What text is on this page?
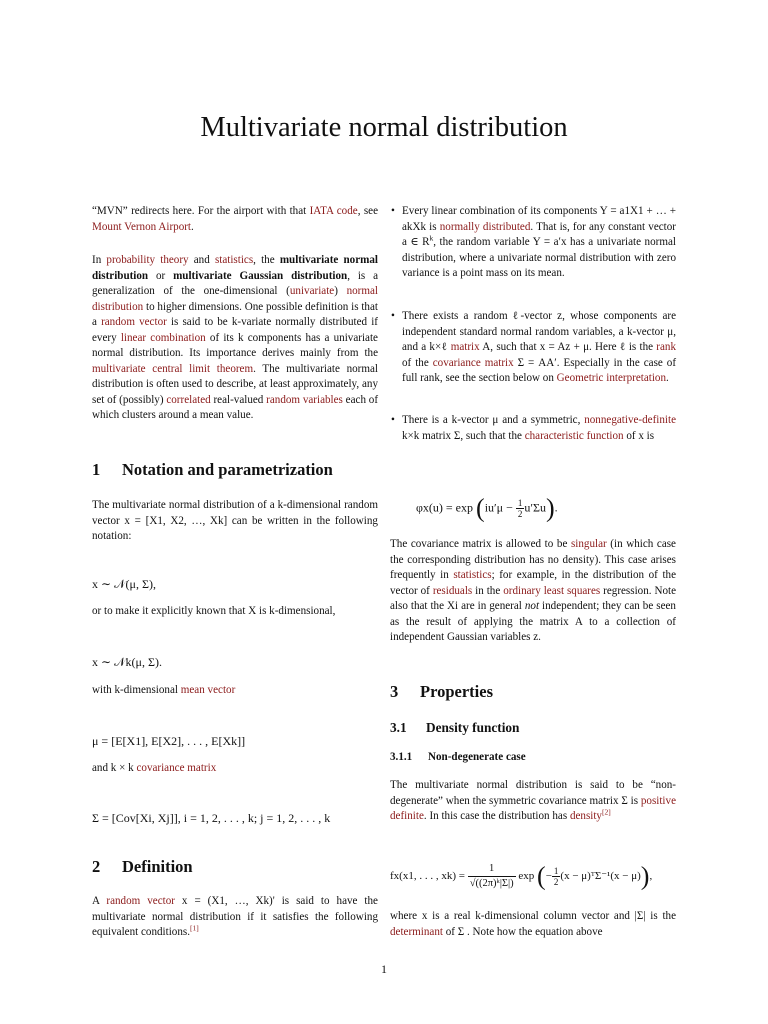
Multivariate normal distribution

“MVN” redirects here. For the airport with that IATA code, see Mount Vernon Airport.

In probability theory and statistics, the multivariate normal distribution or multivariate Gaussian distribution, is a generalization of the one-dimensional (univariate) normal distribution to higher dimensions. One possible definition is that a random vector is said to be k-variate normally distributed if every linear combination of its k components has a univariate normal distribution. Its importance derives mainly from the multivariate central limit theorem. The multivariate normal distribution is often used to describe, at least approximately, any set of (possibly) correlated real-valued random variables each of which clusters around a mean value.

1 Notation and parametrization

The multivariate normal distribution of a k-dimensional random vector x = [X1, X2, …, Xk] can be written in the following notation:

x ∼ 𝒩(μ, Σ),

or to make it explicitly known that X is k-dimensional,

x ∼ 𝒩k(μ, Σ).

with k-dimensional mean vector

μ = [E[X1], E[X2], . . . , E[Xk]]

and k × k covariance matrix

Σ = [Cov[Xi, Xj]], i = 1, 2, . . . , k; j = 1, 2, . . . , k
2 Definition

A random vector x = (X1, …, Xk)' is said to have the multivariate normal distribution if it satisfies the following equivalent conditions.[1]

• Every linear combination of its components Y = a1X1 + … + akXk is normally distributed. That is, for any constant vector a ∈ $R^k$, the random variable Y = a′x has a univariate normal distribution, where a univariate normal distribution with zero variance is a point mass on its mean.
• There exists a random ℓ-vector z, whose components are independent standard normal random variables, a k-vector μ, and a k×ℓ matrix A, such that x = Az + μ. Here ℓ is the rank of the covariance matrix Σ = AA′. Especially in the case of full rank, see the section below on Geometric interpretation.
• There is a k-vector μ and a symmetric, nonnegative-definite k×k matrix Σ, such that the characteristic function of x is
$\varphi x(u) = \exp (iu'\mu - \frac{1}{2} u'\Sigma u)$.

The covariance matrix is allowed to be singular (in which case the corresponding distribution has no density). This case arises frequently in statistics; for example, in the distribution of the vector of residuals in the ordinary least squares regression. Note also that the Xi are in general not independent; they can be seen as the result of applying the matrix A to a collection of independent Gaussian variables z.

3 Properties
3.1 Density function
3.1.1 Non-degenerate case

The multivariate normal distribution is said to be “non-degenerate” when the symmetric covariance matrix Σ is positive definite. In this case the distribution has density[2]

fx(x1, . . . , $xk) = \frac{1}{\text{√((2π)ᵏ|Σ|)}}$ exp (− $\frac{1}{2} (x$ − μ)ᵀΣ⁻¹(x − μ)),

where x is a real k-dimensional column vector and |Σ| is the determinant of Σ . Note how the equation above

1
